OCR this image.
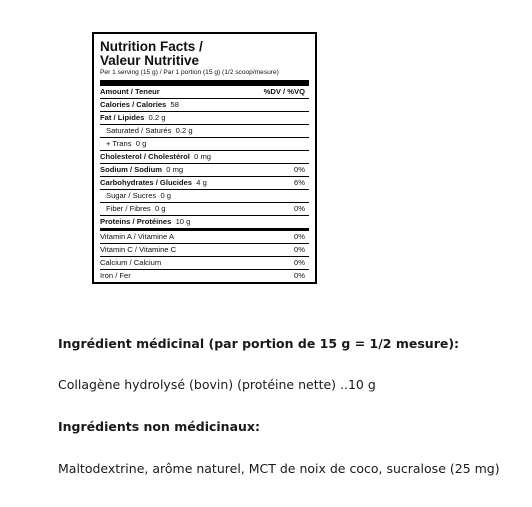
Nutrition Facts /
Valeur Nutritive
Per 1 serving (15 g) / Par 1 portion (15 g) (1/2 scoop/mesure)
Amount / Teneur	%DV / %VQ
Calories / Calories 58
Fat / Lipides 0.2 g
Saturated / Saturés 0.2 g
+ Trans 0 g
Cholesterol / Cholestérol 0 mg
Sodium / Sodium 0 mg	0%
Carbohydrates / Glucides 4 g	6%
Sugar / Sucres 0 g
Fiber / Fibres 0 g	0%
Proteins / Protéines 10 g
Vitamin A / Vitamine A	0%
Vitamin C / Vitamine C	0%
Calcium / Calcium	0%
Iron / Fer	0%
Ingrédient médicinal (par portion de 15 g = 1/2 mesure):
Collagène hydrolysé (bovin) (protéine nette) ..10 g
Ingrédients non médicinaux:
Maltodextrine, arôme naturel, MCT de noix de coco, sucralose (25 mg)
